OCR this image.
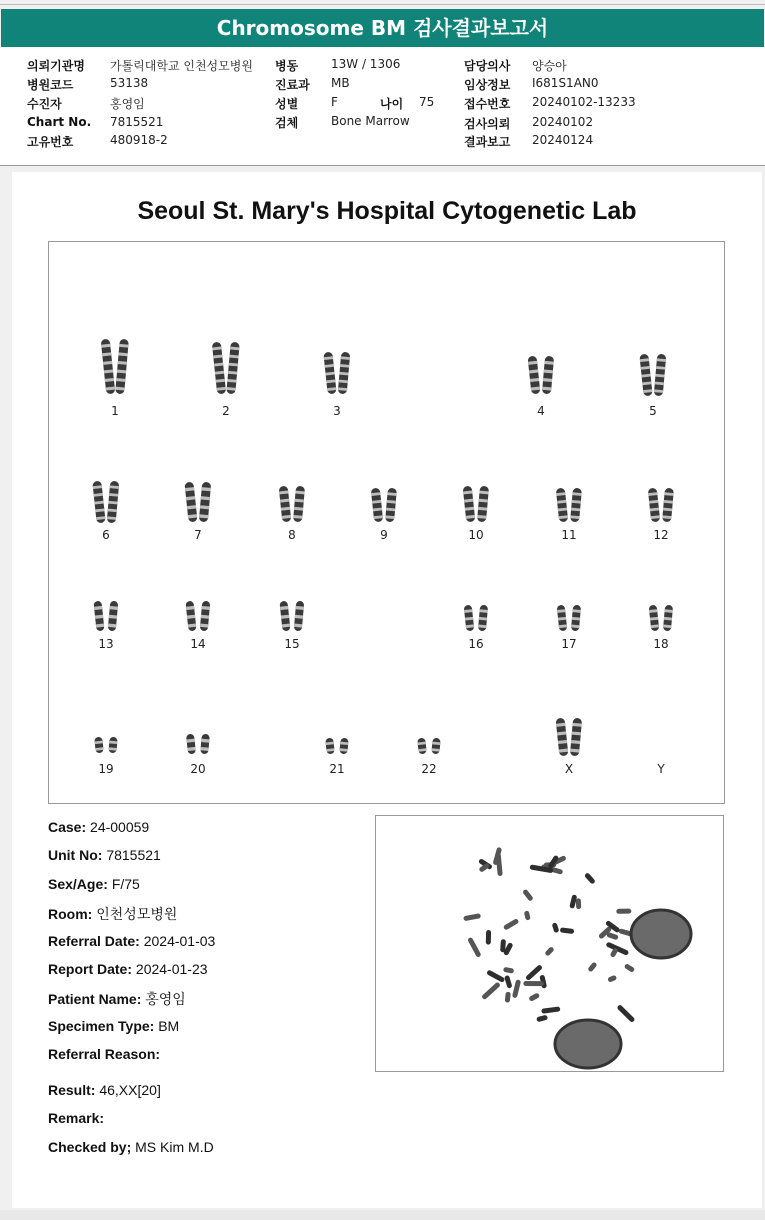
Chromosome BM 검사결과보고서
의뢰기관명 가톨릭대학교 인천성모병원
병원코드	53138
수진자	홍영임
Chart No. 7815521
고유번호	480918-2
병동	13W / 1306
진료과 MB
성별	F	나이 75
검체	Bone Marrow
담당의사 양승아
임상정보 I681S1AN0
접수번호 20240102-13233
검사의뢰 20240102
결과보고 20240124
Seoul St. Mary's Hospital Cytogenetic Lab
1	2	3	4	5
6	7	8	9	10	11	12
13	14	15	16	17	18
19	20	21	22	X	Y
Case: 24-00059
Unit No: 7815521
Sex/Age: F/75
Room: 인천성모병원
Referral Date: 2024-01-03
Report Date: 2024-01-23
Patient Name: 홍영임
Specimen Type: BM
Referral Reason:
Result: 46,XX[20]
Remark:
Checked by; MS Kim M.D
